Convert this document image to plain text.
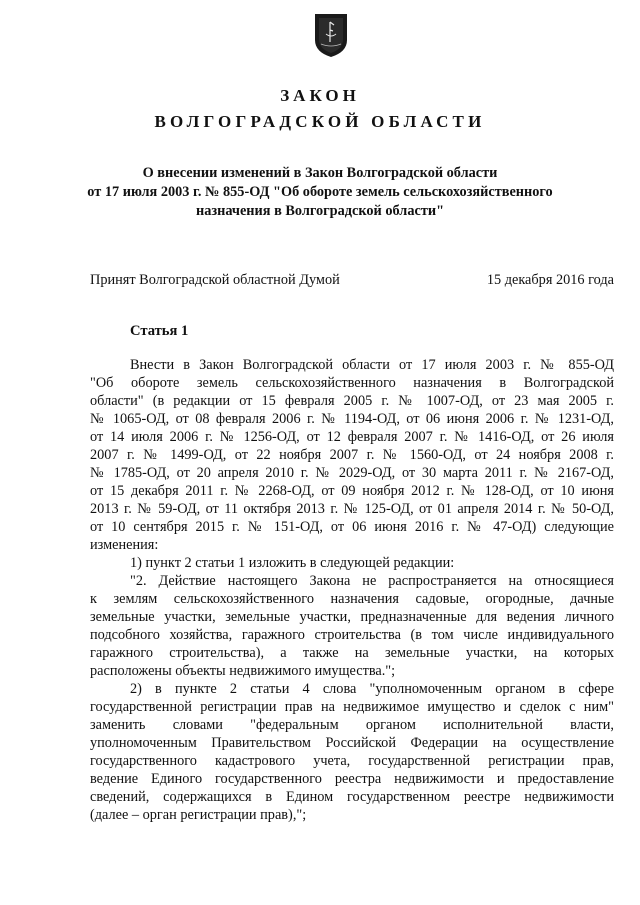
ЗАКОН
ВОЛГОГРАДСКОЙ ОБЛАСТИ
О внесении изменений в Закон Волгоградской области
от 17 июля 2003 г. № 855-ОД "Об обороте земель сельскохозяйственного
назначения в Волгоградской области"
Принят Волгоградской областной Думой	15 декабря 2016 года
Статья 1
Внести в Закон Волгоградской области от 17 июля 2003 г. № 855-ОД
"Об обороте земель сельскохозяйственного назначения в Волгоградской
области" (в редакции от 15 февраля 2005 г. № 1007-ОД, от 23 мая 2005 г.
№ 1065-ОД, от 08 февраля 2006 г. № 1194-ОД, от 06 июня 2006 г. № 1231-ОД,
от 14 июля 2006 г. № 1256-ОД, от 12 февраля 2007 г. № 1416-ОД, от 26 июля
2007 г. № 1499-ОД, от 22 ноября 2007 г. № 1560-ОД, от 24 ноября 2008 г.
№ 1785-ОД, от 20 апреля 2010 г. № 2029-ОД, от 30 марта 2011 г. № 2167-ОД,
от 15 декабря 2011 г. № 2268-ОД, от 09 ноября 2012 г. № 128-ОД, от 10 июня
2013 г. № 59-ОД, от 11 октября 2013 г. № 125-ОД, от 01 апреля 2014 г. № 50-ОД,
от 10 сентября 2015 г. № 151-ОД, от 06 июня 2016 г. № 47-ОД) следующие
изменения:
1) пункт 2 статьи 1 изложить в следующей редакции:
"2. Действие настоящего Закона не распространяется на относящиеся
к землям сельскохозяйственного назначения садовые, огородные, дачные
земельные участки, земельные участки, предназначенные для ведения личного
подсобного хозяйства, гаражного строительства (в том числе индивидуального
гаражного строительства), а также на земельные участки, на которых
расположены объекты недвижимого имущества.";
2) в пункте 2 статьи 4 слова "уполномоченным органом в сфере
государственной регистрации прав на недвижимое имущество и сделок с ним"
заменить словами "федеральным органом исполнительной власти,
уполномоченным Правительством Российской Федерации на осуществление
государственного кадастрового учета, государственной регистрации прав,
ведение Единого государственного реестра недвижимости и предоставление
сведений, содержащихся в Едином государственном реестре недвижимости
(далее – орган регистрации прав),";
